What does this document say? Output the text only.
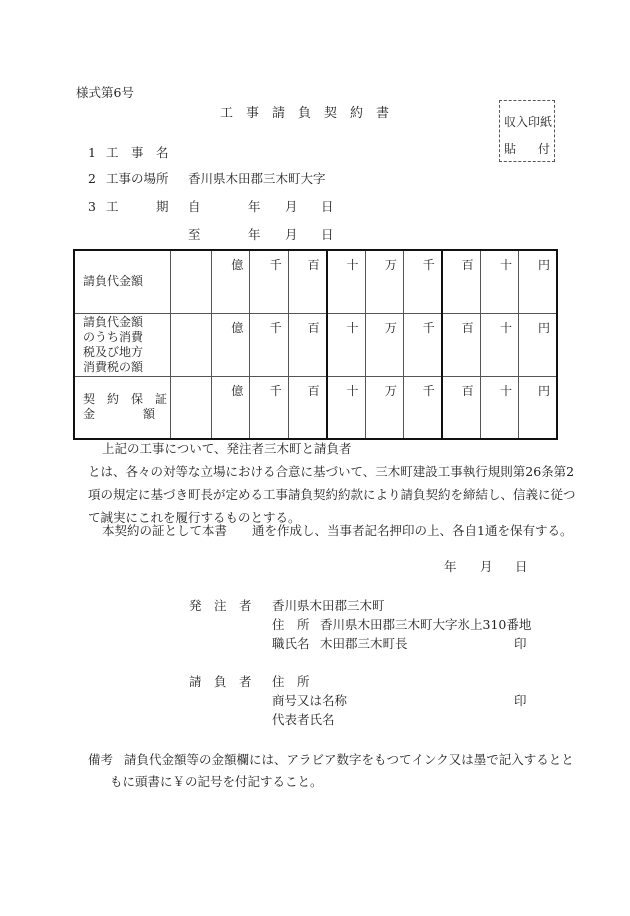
様式第6号
工　事　請　負　契　約　書
収入印紙
貼 付
1 工　事　名
2 工事の場所 香川県木田郡三木町大字
3 工	期 自	年 月 日
至	年 月 日
請負代金額		億	千	百	十	万	千	百	十	円

請負代金額
のうち消費
税及び地方
消費税の額		億	千	百	十	万	千	百	十	円

契　約　保　証
金 額		億	千	百	十	万	千	百	十	円
上記の工事について、発注者三木町と請負者
とは、各々の対等な立場における合意に基づいて、三木町建設工事執行規則第26条第2
項の規定に基づき町長が定める工事請負契約約款により請負契約を締結し、信義に従つ
て誠実にこれを履行するものとする。
本契約の証として本書　　通を作成し、当事者記名押印の上、各自1通を保有する。
年 月 日
発　注　者 香川県木田郡三木町
住　所 香川県木田郡三木町大字氷上310番地
職氏名 木田郡三木町長	印
請　負　者 住　所
商号又は名称	印
代表者氏名
備考 請負代金額等の金額欄には、アラビア数字をもつてインク又は墨で記入するとと
もに頭書に￥の記号を付記すること。
